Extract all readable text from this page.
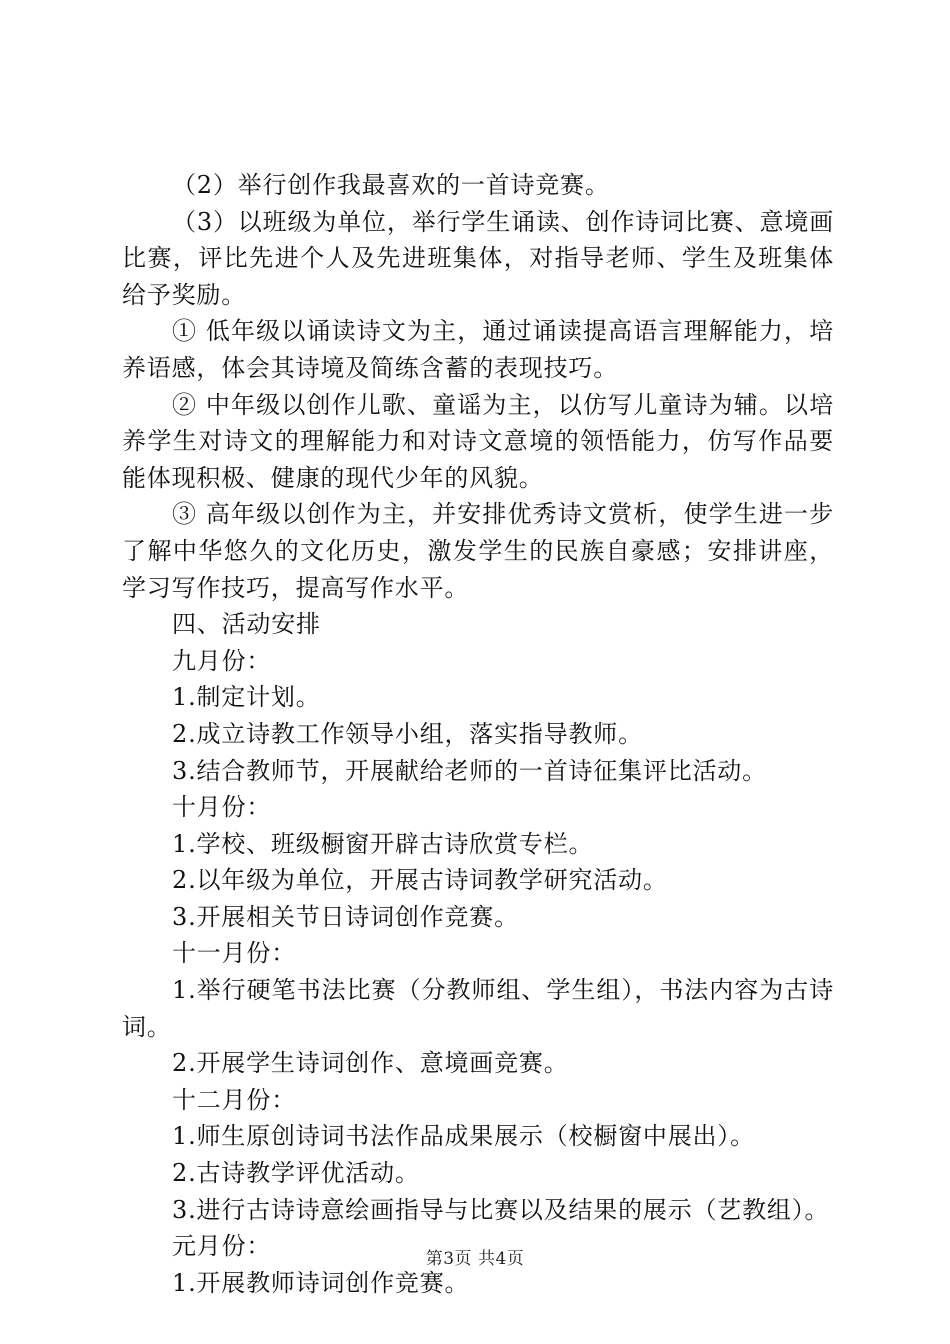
（2）举行创作我最喜欢的一首诗竞赛。

（3）以班级为单位，举行学生诵读、创作诗词比赛、意境画比赛，评比先进个人及先进班集体，对指导老师、学生及班集体给予奖励。

① 低年级以诵读诗文为主，通过诵读提高语言理解能力，培养语感，体会其诗境及简练含蓄的表现技巧。

② 中年级以创作儿歌、童谣为主，以仿写儿童诗为辅。以培养学生对诗文的理解能力和对诗文意境的领悟能力，仿写作品要能体现积极、健康的现代少年的风貌。

③ 高年级以创作为主，并安排优秀诗文赏析，使学生进一步了解中华悠久的文化历史，激发学生的民族自豪感；安排讲座，学习写作技巧，提高写作水平。

四、活动安排

九月份：

1.制定计划。

2.成立诗教工作领导小组，落实指导教师。

3.结合教师节，开展献给老师的一首诗征集评比活动。

十月份：

1.学校、班级橱窗开辟古诗欣赏专栏。

2.以年级为单位，开展古诗词教学研究活动。

3.开展相关节日诗词创作竞赛。

十一月份：

1.举行硬笔书法比赛（分教师组、学生组），书法内容为古诗词。

2.开展学生诗词创作、意境画竞赛。

十二月份：

1.师生原创诗词书法作品成果展示（校橱窗中展出）。

2.古诗教学评优活动。

3.进行古诗诗意绘画指导与比赛以及结果的展示（艺教组）。

元月份：

1.开展教师诗词创作竞赛。

第3页 共4页
